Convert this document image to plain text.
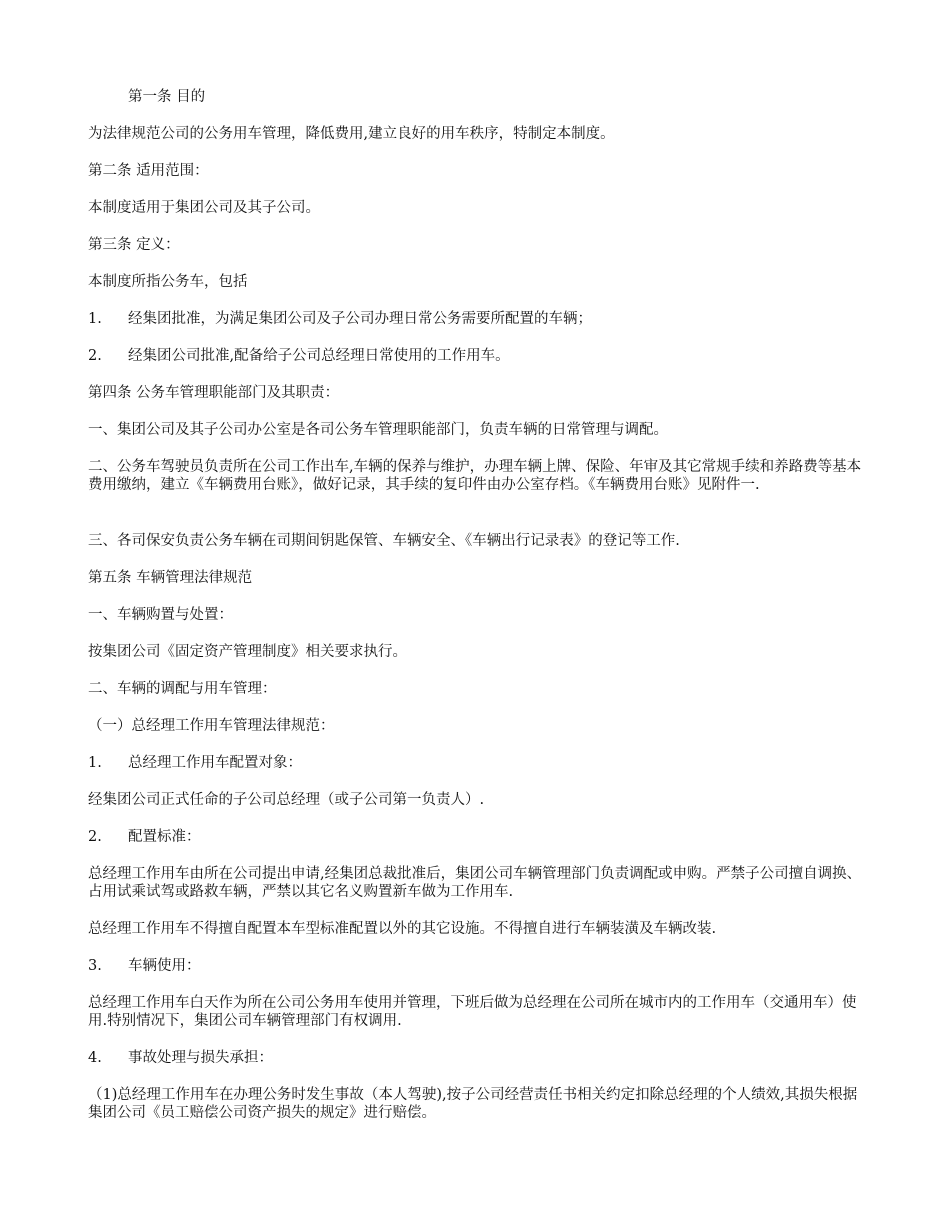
第一条 目的

为法律规范公司的公务用车管理，降低费用,建立良好的用车秩序，特制定本制度。

第二条 适用范围：

本制度适用于集团公司及其子公司。

第三条 定义：

本制度所指公务车，包括

1. 经集团批准，为满足集团公司及子公司办理日常公务需要所配置的车辆；

2. 经集团公司批准,配备给子公司总经理日常使用的工作用车。

第四条 公务车管理职能部门及其职责：

一、集团公司及其子公司办公室是各司公务车管理职能部门，负责车辆的日常管理与调配。

二、公务车驾驶员负责所在公司工作出车,车辆的保养与维护，办理车辆上牌、保险、年审及其它常规手续和养路费等基本费用缴纳，建立《车辆费用台账》，做好记录，其手续的复印件由办公室存档。《车辆费用台账》见附件一.

三、各司保安负责公务车辆在司期间钥匙保管、车辆安全、《车辆出行记录表》的登记等工作.

第五条 车辆管理法律规范

一、车辆购置与处置：

按集团公司《固定资产管理制度》相关要求执行。

二、车辆的调配与用车管理：

（一）总经理工作用车管理法律规范：

1. 总经理工作用车配置对象：

经集团公司正式任命的子公司总经理（或子公司第一负责人）.

2. 配置标准：

总经理工作用车由所在公司提出申请,经集团总裁批准后，集团公司车辆管理部门负责调配或申购。严禁子公司擅自调换、占用试乘试驾或路救车辆，严禁以其它名义购置新车做为工作用车.

总经理工作用车不得擅自配置本车型标准配置以外的其它设施。不得擅自进行车辆装潢及车辆改装.

3. 车辆使用：

总经理工作用车白天作为所在公司公务用车使用并管理，下班后做为总经理在公司所在城市内的工作用车（交通用车）使用.特别情况下，集团公司车辆管理部门有权调用.

4. 事故处理与损失承担：

（1)总经理工作用车在办理公务时发生事故（本人驾驶),按子公司经营责任书相关约定扣除总经理的个人绩效,其损失根据集团公司《员工赔偿公司资产损失的规定》进行赔偿。
